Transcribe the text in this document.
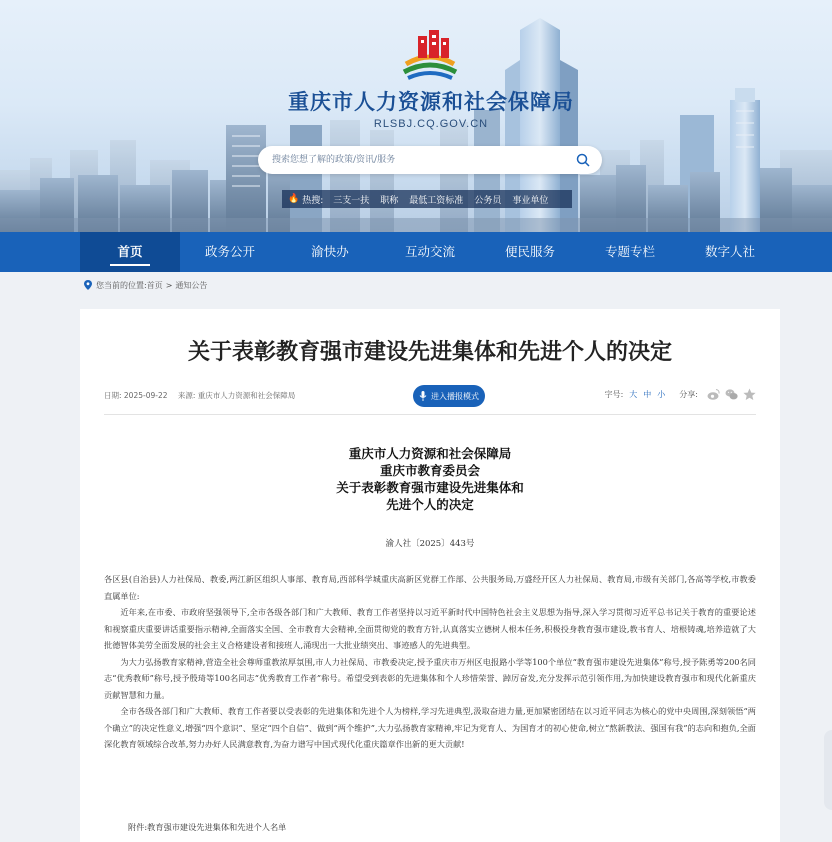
重庆市人力资源和社会保障局
RLSBJ.CQ.GOV.CN
搜索您想了解的政策/资讯/服务
🔥 热搜: 三支一扶 职称 最低工资标准 公务员 事业单位
首页	政务公开	渝快办	互动交流	便民服务	专题专栏	数字人社
您当前的位置: 首页 > 通知公告
关于表彰教育强市建设先进集体和先进个人的决定
日期: 2025-09-22 来源: 重庆市人力资源和社会保障局	进入播报模式	字号: 大 中 小 分享:
重庆市人力资源和社会保障局
重庆市教育委员会
关于表彰教育强市建设先进集体和
先进个人的决定
渝人社〔2025〕443号

各区县(自治县)人力社保局、教委,两江新区组织人事部、教育局,西部科学城重庆高新区党群工作部、公共服务局,万盛经开区人力社保局、教育局,市级有关部门,各高等学校,市教委直属单位:

近年来,在市委、市政府坚强领导下,全市各级各部门和广大教师、教育工作者坚持以习近平新时代中国特色社会主义思想为指导,深入学习贯彻习近平总书记关于教育的重要论述和视察重庆重要讲话重要指示精神,全面落实全国、全市教育大会精神,全面贯彻党的教育方针,认真落实立德树人根本任务,积极投身教育强市建设,教书育人、培根铸魂,培养造就了大批德智体美劳全面发展的社会主义合格建设者和接班人,涌现出一大批业绩突出、事迹感人的先进典型。

为大力弘扬教育家精神,营造全社会尊师重教浓厚氛围,市人力社保局、市教委决定,授予重庆市万州区电报路小学等100个单位“教育强市建设先进集体”称号,授予陈勇等200名同志“优秀教师”称号,授予殷琦等100名同志“优秀教育工作者”称号。希望受到表彰的先进集体和个人珍惜荣誉、踔厉奋发,充分发挥示范引领作用,为加快建设教育强市和现代化新重庆贡献智慧和力量。

全市各级各部门和广大教师、教育工作者要以受表彰的先进集体和先进个人为榜样,学习先进典型,汲取奋进力量,更加紧密团结在以习近平同志为核心的党中央周围,深刻领悟“两个确立”的决定性意义,增强“四个意识”、坚定“四个自信”、做到“两个维护”,大力弘扬教育家精神,牢记为党育人、为国育才的初心使命,树立“熬新教法、强国有我”的志向和抱负,全面深化教育领域综合改革,努力办好人民满意教育,为奋力谱写中国式现代化重庆篇章作出新的更大贡献!

附件:教育强市建设先进集体和先进个人名单
